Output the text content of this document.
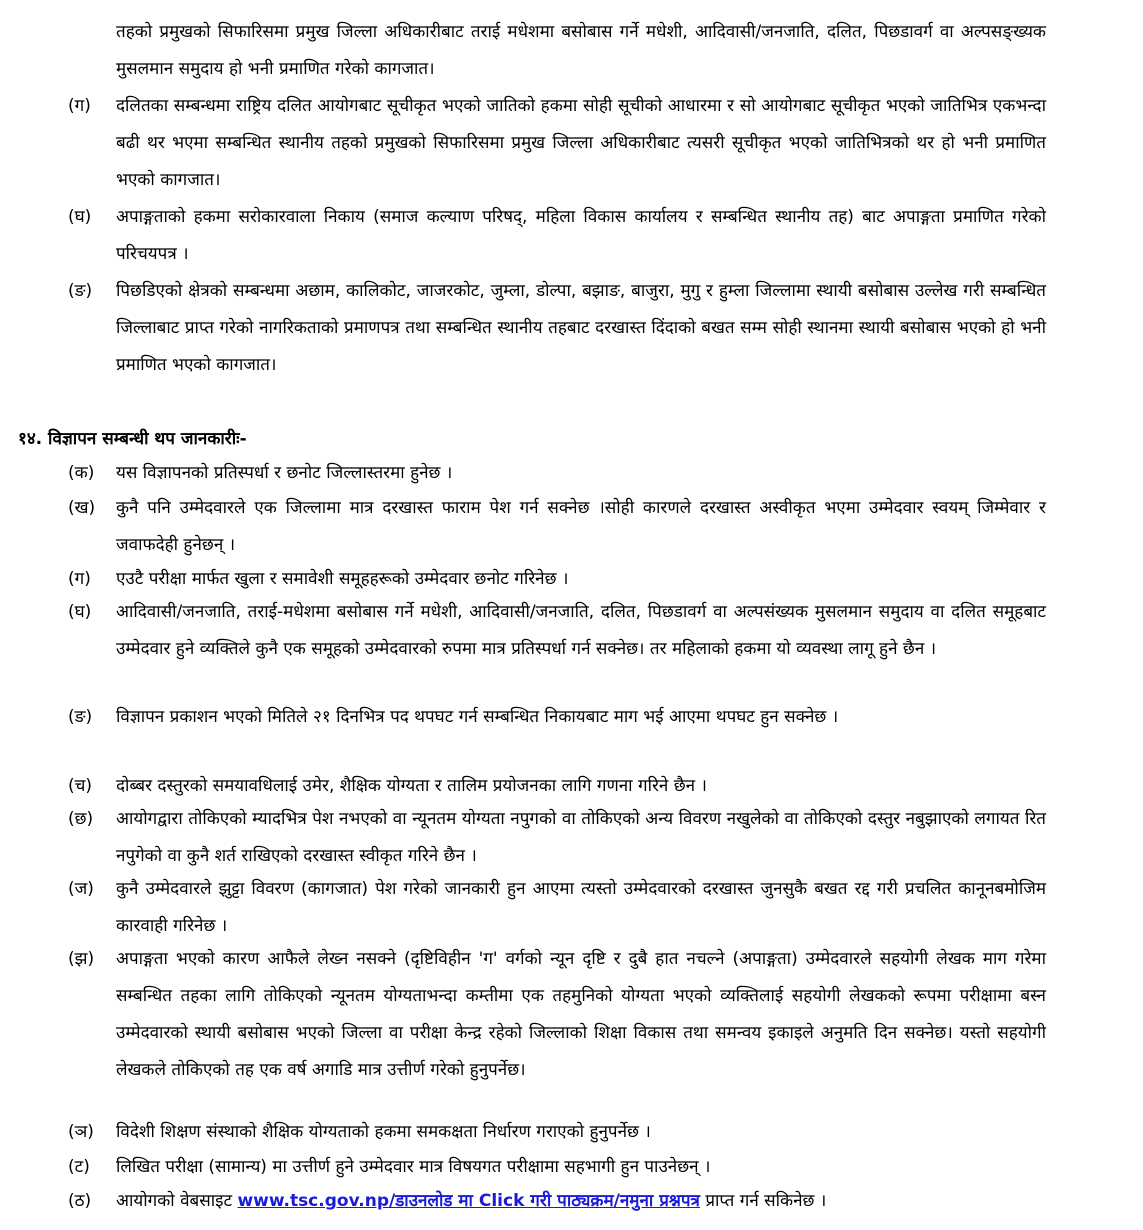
तहको प्रमुखको सिफारिसमा प्रमुख जिल्ला अधिकारीबाट तराई मधेशमा बसोबास गर्ने मधेशी, आदिवासी/जनजाति, दलित, पिछडावर्ग वा अल्पसङ्ख्यक मुसलमान समुदाय हो भनी प्रमाणित गरेको कागजात।
(ग) दलितका सम्बन्धमा राष्ट्रिय दलित आयोगबाट सूचीकृत भएको जातिको हकमा सोही सूचीको आधारमा र सो आयोगबाट सूचीकृत भएको जातिभित्र एकभन्दा बढी थर भएमा सम्बन्धित स्थानीय तहको प्रमुखको सिफारिसमा प्रमुख जिल्ला अधिकारीबाट त्यसरी सूचीकृत भएको जातिभित्रको थर हो भनी प्रमाणित भएको कागजात।
(घ) अपाङ्गताको हकमा सरोकारवाला निकाय (समाज कल्याण परिषद्, महिला विकास कार्यालय र सम्बन्धित स्थानीय तह) बाट अपाङ्गता प्रमाणित गरेको परिचयपत्र ।
(ङ) पिछडिएको क्षेत्रको सम्बन्धमा अछाम, कालिकोट, जाजरकोट, जुम्ला, डोल्पा, बझाङ, बाजुरा, मुगु र हुम्ला जिल्लामा स्थायी बसोबास उल्लेख गरी सम्बन्धित जिल्लाबाट प्राप्त गरेको नागरिकताको प्रमाणपत्र तथा सम्बन्धित स्थानीय तहबाट दरखास्त दिंदाको बखत सम्म सोही स्थानमा स्थायी बसोबास भएको हो भनी प्रमाणित भएको कागजात।
१४. विज्ञापन सम्बन्धी थप जानकारीः-
(क) यस विज्ञापनको प्रतिस्पर्धा र छनोट जिल्लास्तरमा हुनेछ ।
(ख) कुनै पनि उम्मेदवारले एक जिल्लामा मात्र दरखास्त फाराम पेश गर्न सक्नेछ ।सोही कारणले दरखास्त अस्वीकृत भएमा उम्मेदवार स्वयम् जिम्मेवार र जवाफदेही हुनेछन् ।
(ग) एउटै परीक्षा मार्फत खुला र समावेशी समूहहरूको उम्मेदवार छनोट गरिनेछ ।
(घ) आदिवासी/जनजाति, तराई-मधेशमा बसोबास गर्ने मधेशी, आदिवासी/जनजाति, दलित, पिछडावर्ग वा अल्पसंख्यक मुसलमान समुदाय वा दलित समूहबाट उम्मेदवार हुने व्यक्तिले कुनै एक समूहको उम्मेदवारको रुपमा मात्र प्रतिस्पर्धा गर्न सक्नेछ। तर महिलाको हकमा यो व्यवस्था लागू हुने छैन ।
(ङ) विज्ञापन प्रकाशन भएको मितिले २१ दिनभित्र पद थपघट गर्न सम्बन्धित निकायबाट माग भई आएमा थपघट हुन सक्नेछ ।
(च) दोब्बर दस्तुरको समयावधिलाई उमेर, शैक्षिक योग्यता र तालिम प्रयोजनका लागि गणना गरिने छैन ।
(छ) आयोगद्वारा तोकिएको म्यादभित्र पेश नभएको वा न्यूनतम योग्यता नपुगको वा तोकिएको अन्य विवरण नखुलेको वा तोकिएको दस्तुर नबुझाएको लगायत रित नपुगेको वा कुनै शर्त राखिएको दरखास्त स्वीकृत गरिने छैन ।
(ज) कुनै उम्मेदवारले झुट्टा विवरण (कागजात) पेश गरेको जानकारी हुन आएमा त्यस्तो उम्मेदवारको दरखास्त जुनसुकै बखत रद्द गरी प्रचलित कानूनबमोजिम कारवाही गरिनेछ ।
(झ) अपाङ्गता भएको कारण आफैले लेख्न नसक्ने (दृष्टिविहीन 'ग' वर्गको न्यून दृष्टि र दुबै हात नचल्ने (अपाङ्गता) उम्मेदवारले सहयोगी लेखक माग गरेमा सम्बन्धित तहका लागि तोकिएको न्यूनतम योग्यताभन्दा कम्तीमा एक तहमुनिको योग्यता भएको व्यक्तिलाई सहयोगी लेखकको रूपमा परीक्षामा बस्न उम्मेदवारको स्थायी बसोबास भएको जिल्ला वा परीक्षा केन्द्र रहेको जिल्लाको शिक्षा विकास तथा समन्वय इकाइले अनुमति दिन सक्नेछ। यस्तो सहयोगी लेखकले तोकिएको तह एक वर्ष अगाडि मात्र उत्तीर्ण गरेको हुनुपर्नेछ।
(ञ) विदेशी शिक्षण संस्थाको शैक्षिक योग्यताको हकमा समकक्षता निर्धारण गराएको हुनुपर्नेछ ।
(ट) लिखित परीक्षा (सामान्य) मा उत्तीर्ण हुने उम्मेदवार मात्र विषयगत परीक्षामा सहभागी हुन पाउनेछन् ।
(ठ) आयोगको वेबसाइट www.tsc.gov.np/डाउनलोड मा Click गरी पाठ्यक्रम/नमुना प्रश्नपत्र प्राप्त गर्न सकिनेछ ।
